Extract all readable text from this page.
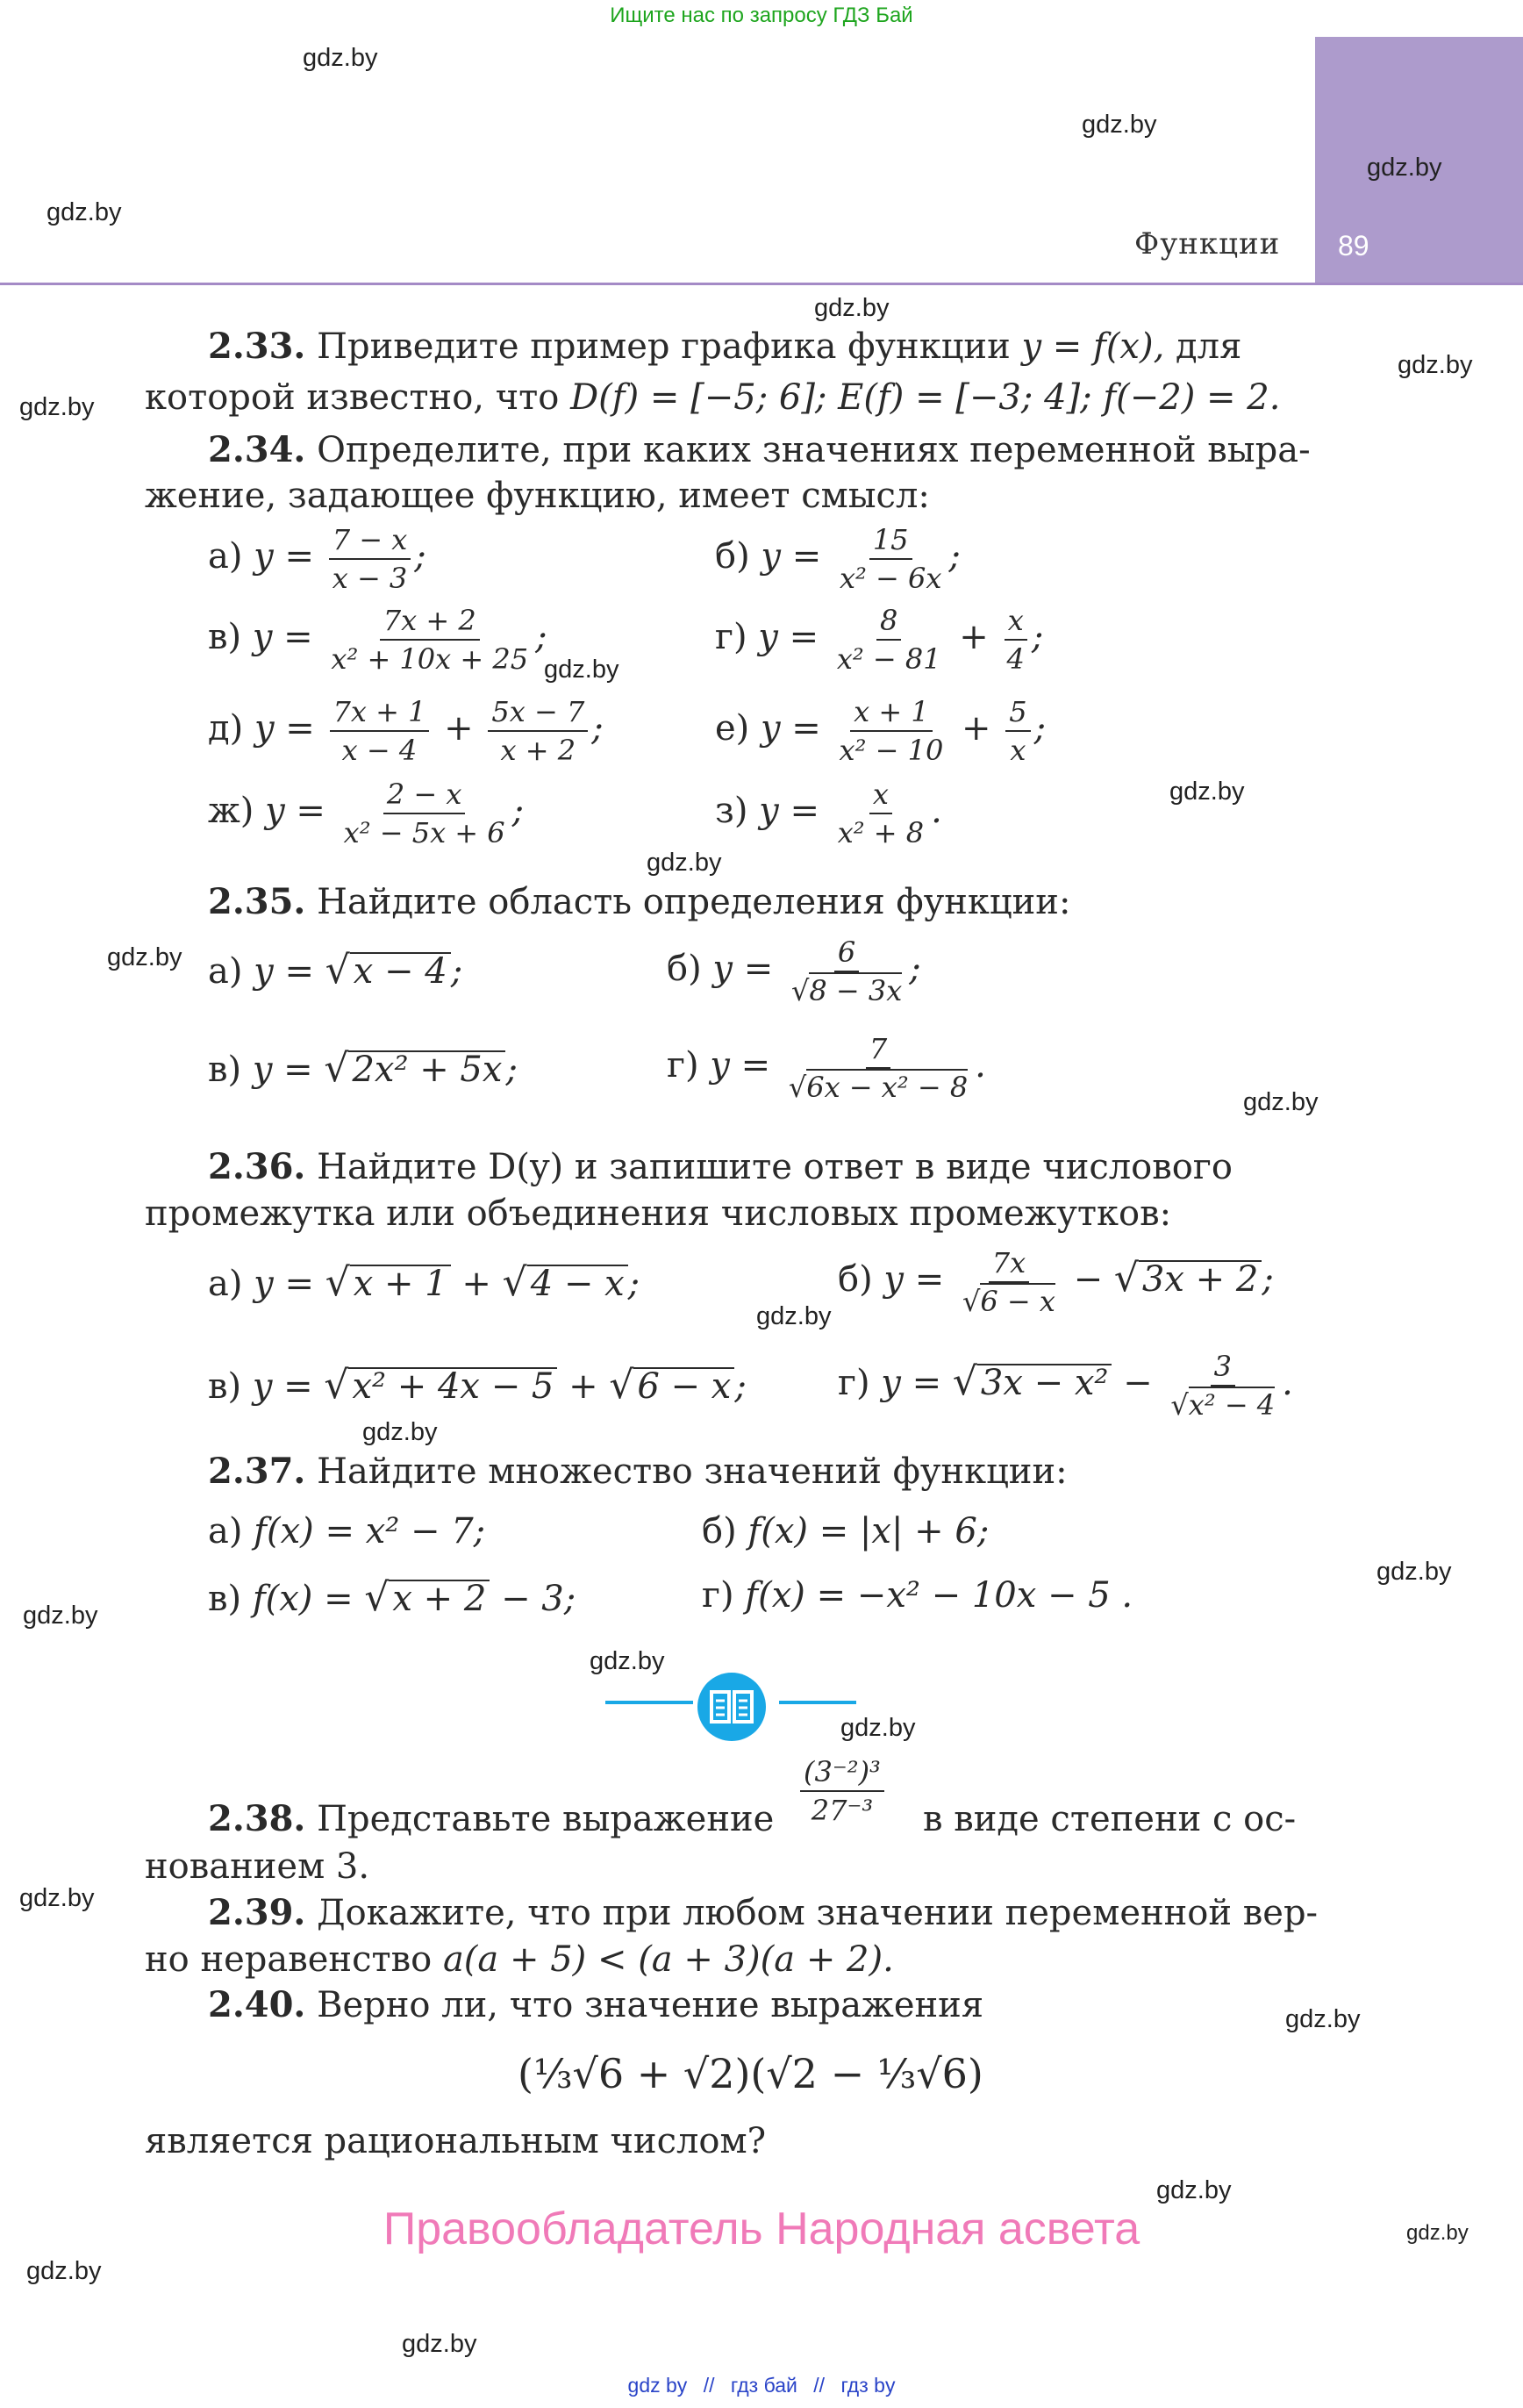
Ищите нас по запросу ГДЗ Бай
89
Функции
gdz.by
gdz.by
gdz.by
gdz.by
gdz.by
gdz.by
gdz.by
gdz.by
gdz.by
gdz.by
gdz.by
gdz.by
gdz.by
gdz.by
gdz.by
gdz.by
gdz.by
gdz.by
gdz.by
gdz.by
gdz.by
gdz.by
gdz.by
gdz.by
2.33. Приведите пример графика функции y = f(x), для
которой известно, что D(f) = [−5; 6]; E(f) = [−3; 4]; f(−2) = 2.
2.34. Определите, при каких значениях переменной выра-
жение, задающее функцию, имеет смысл:
а) $y = \frac{7 - x}{x - 3}$ ;	б) $y = \frac{15}{\text{x² − 6x}}$ ;
в) $y = \frac{7x + 2}{\text{x² + 10x + 25}}$ ;	г) $y = \frac{8}{\text{x² − 81}} + \frac{x}{4}$ ;
д) $y = \frac{7x + 1}{x - 4} + \frac{5x - 7}{x + 2}$ ;	е) $y = \frac{x + 1}{\text{x² − 10}} + \frac{5}{x}$ ;
ж) $y = \frac{2 - x}{\text{x² − 5x + 6}}$ ;	з) $y = \frac{x}{\text{x² + 8}}$ .
2.35. Найдите область определения функции:
а) y = √ x − 4 ;	б) $y = \frac{6}{√8 - 3x}$ ;
в) y = √ 2x² + 5x ;	г) $y = \frac{7}{\text{√6x − x² − 8}}$ .
2.36. Найдите D(y) и запишите ответ в виде числового
промежутка или объединения числовых промежутков:
а) y = √ x + 1 + √ 4 − x ;	б) $y = \frac{7x}{√6 - x}$ − √ 3x + 2 ;
в) y = √ x² + 4x − 5 + √ 6 − x ;	г) y = √ $3x - x^2 - \frac{3}{\text{√x² − 4}}$ .
2.37. Найдите множество значений функции:
а) f(x) = x² − 7;	б) f(x) = |x| + 6;
в) f(x) = √ x + 2 − 3;	г) f(x) = −x² − 10x − 5 .
2.38. Представьте выражение $\frac{\text{(3⁻²)³}}{\text{27⁻³}}$ в виде степени с ос-
нованием 3.
2.39. Докажите, что при любом значении переменной вер-
но неравенство a(a + 5) < (a + 3)(a + 2).
2.40. Верно ли, что значение выражения
(⅓√6 + √2)(√2 − ⅓√6)
является рациональным числом?
Правообладатель Народная асвета
gdz by // гдз бай // гдз by
